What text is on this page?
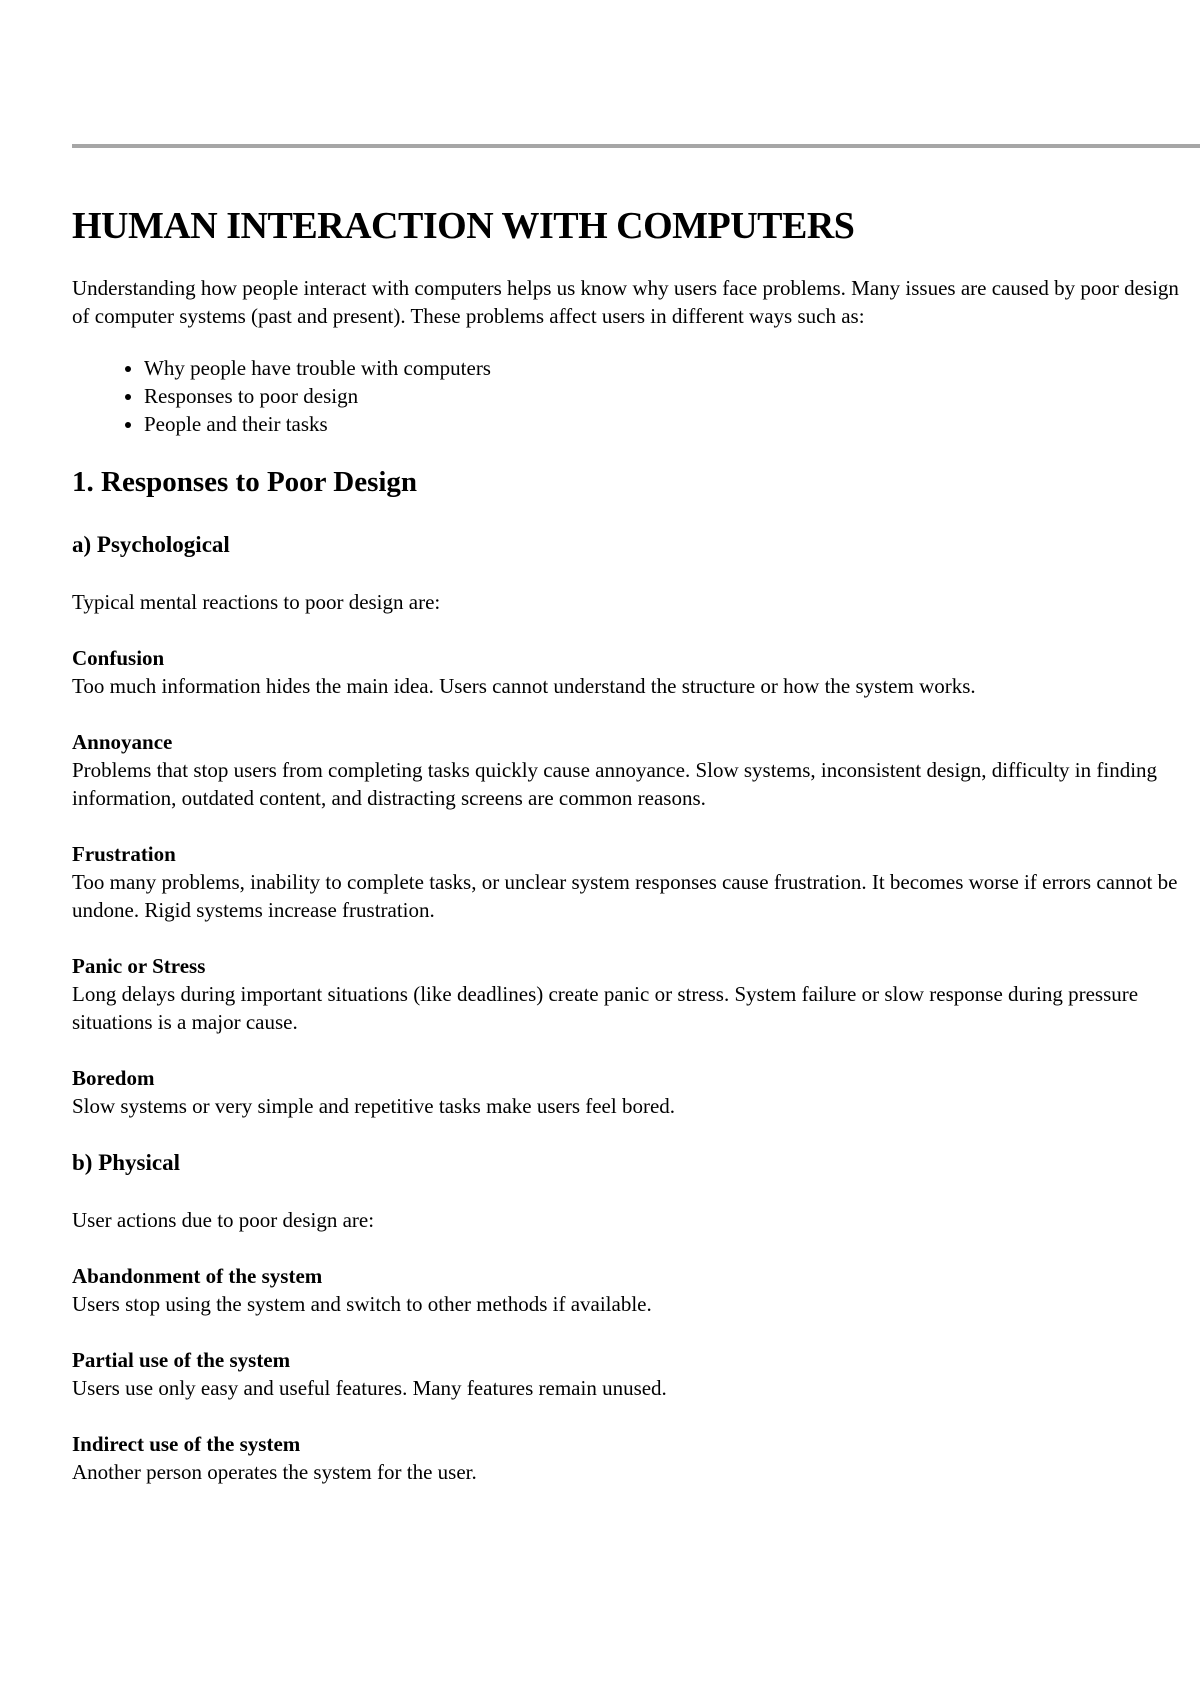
HUMAN INTERACTION WITH COMPUTERS

Understanding how people interact with computers helps us know why users face problems. Many issues are caused by poor design of computer systems (past and present). These problems affect users in different ways such as:

• Why people have trouble with computers
• Responses to poor design
• People and their tasks
1. Responses to Poor Design
a) Psychological

Typical mental reactions to poor design are:

Confusion
Too much information hides the main idea. Users cannot understand the structure or how the system works.
Annoyance
Problems that stop users from completing tasks quickly cause annoyance. Slow systems, inconsistent design, difficulty in finding information, outdated content, and distracting screens are common reasons.
Frustration
Too many problems, inability to complete tasks, or unclear system responses cause frustration. It becomes worse if errors cannot be undone. Rigid systems increase frustration.
Panic or Stress
Long delays during important situations (like deadlines) create panic or stress. System failure or slow response during pressure situations is a major cause.
Boredom
Slow systems or very simple and repetitive tasks make users feel bored.
b) Physical

User actions due to poor design are:

Abandonment of the system
Users stop using the system and switch to other methods if available.
Partial use of the system
Users use only easy and useful features. Many features remain unused.
Indirect use of the system
Another person operates the system for the user.
